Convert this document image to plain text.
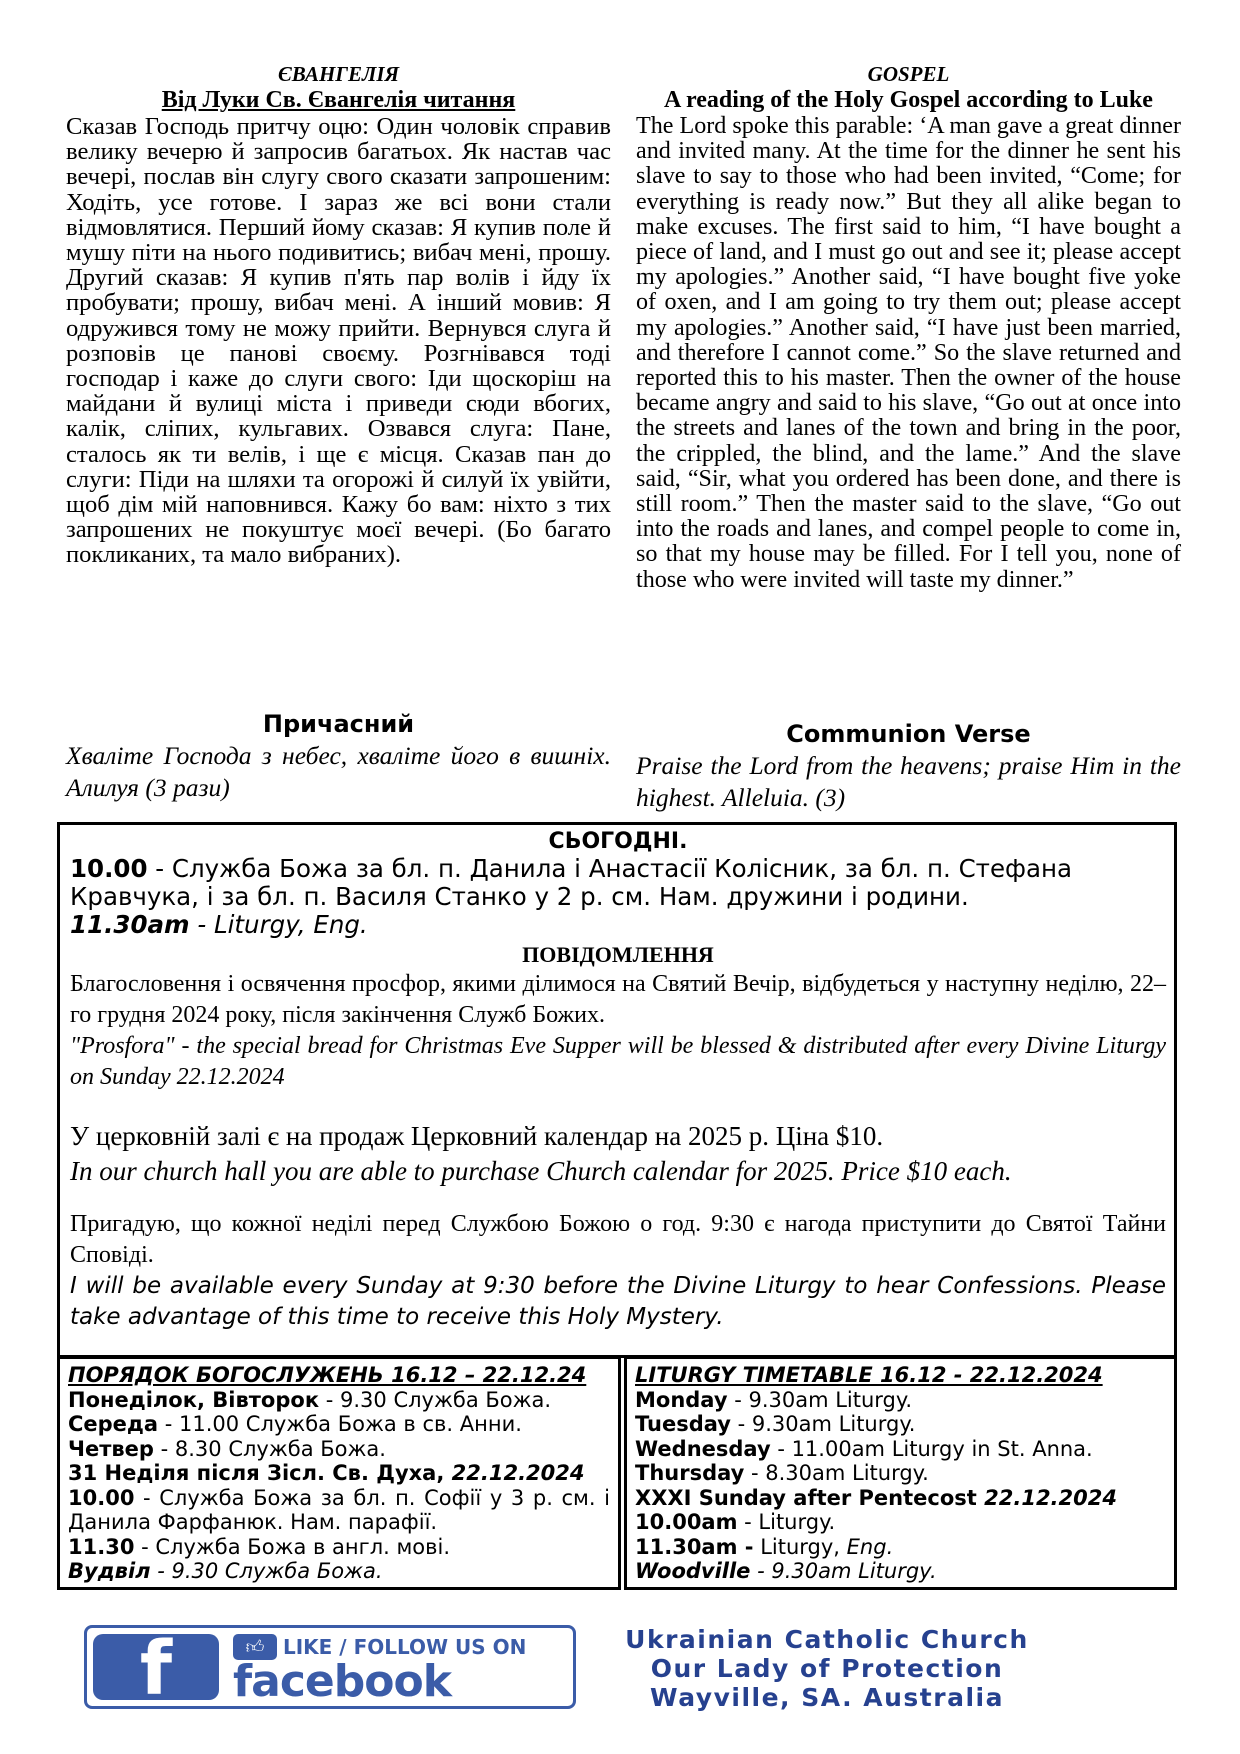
ЄВАНГЕЛІЯ
Від Луки Св. Євангелія читання
Сказав Господь притчу оцю: Один чоловік справив велику вечерю й запросив багатьох. Як настав час вечері, послав він слугу свого сказати запрошеним: Ходіть, усе готове. І зараз же всі вони стали відмовлятися. Перший йому сказав: Я купив поле й мушу піти на нього подивитись; вибач мені, прошу. Другий сказав: Я купив п'ять пар волів і йду їх пробувати; прошу, вибач мені. А інший мовив: Я одружився тому не можу прийти. Вернувся слуга й розповів це панові своєму. Розгнівався тоді господар і каже до слуги свого: Іди щоскоріш на майдани й вулиці міста і приведи сюди вбогих, калік, сліпих, кульгавих. Озвався слуга: Пане, сталось як ти велів, і ще є місця. Сказав пан до слуги: Піди на шляхи та огорожі й силуй їх увійти, щоб дім мій наповнився. Кажу бо вам: ніхто з тих запрошених не покуштує моєї вечері. (Бо багато покликаних, та мало вибраних).
GOSPEL
A reading of the Holy Gospel according to Luke
The Lord spoke this parable: ‘A man gave a great dinner and invited many. At the time for the dinner he sent his slave to say to those who had been invited, “Come; for everything is ready now.” But they all alike began to make excuses. The first said to him, “I have bought a piece of land, and I must go out and see it; please accept my apologies.” Another said, “I have bought five yoke of oxen, and I am going to try them out; please accept my apologies.” Another said, “I have just been married, and therefore I cannot come.” So the slave returned and reported this to his master. Then the owner of the house became angry and said to his slave, “Go out at once into the streets and lanes of the town and bring in the poor, the crippled, the blind, and the lame.” And the slave said, “Sir, what you ordered has been done, and there is still room.” Then the master said to the slave, “Go out into the roads and lanes, and compel people to come in, so that my house may be filled. For I tell you, none of those who were invited will taste my dinner.”
Причасний
Хваліте Господа з небес, хваліте його в вишніх. Алилуя (3 рази)
Communion Verse
Praise the Lord from the heavens; praise Him in the highest. Alleluia. (3)
СЬОГОДНІ.
10.00 - Служба Божа за бл. п. Данила і Анастасії Колісник, за бл. п. Стефана Кравчука, і за бл. п. Василя Станко у 2 р. см. Нам. дружини і родини.
11.30am - Liturgy, Eng.
ПОВІДОМЛЕННЯ
Благословення і освячення просфор, якими ділимося на Святий Вечір, відбудеться у наступну неділю, 22–го грудня 2024 року, після закінчення Служб Божих.
"Prosfora" - the special bread for Christmas Eve Supper will be blessed & distributed after every Divine Liturgy on Sunday 22.12.2024
У церковній залі є на продаж Церковний календар на 2025 р. Ціна $10.
In our church hall you are able to purchase Church calendar for 2025. Price $10 each.
Пригадую, що кожної неділі перед Службою Божою о год. 9:30 є нагода приступити до Святої Тайни Сповіді.
I will be available every Sunday at 9:30 before the Divine Liturgy to hear Confessions. Please take advantage of this time to receive this Holy Mystery.
ПОРЯДОК БОГОСЛУЖЕНЬ 16.12 – 22.12.24
Понеділок, Вівторок - 9.30 Служба Божа.
Середа - 11.00 Служба Божа в св. Анни.
Четвер - 8.30 Служба Божа.
31 Неділя після Зісл. Св. Духа, 22.12.2024
10.00 - Служба Божа за бл. п. Софії у 3 р. см. і Данила Фарфанюк. Нам. парафії.
11.30 - Служба Божа в англ. мові.
Вудвіл - 9.30 Служба Божа.
LITURGY TIMETABLE 16.12 - 22.12.2024
Monday - 9.30am Liturgy.
Tuesday - 9.30am Liturgy.
Wednesday - 11.00am Liturgy in St. Anna.
Thursday - 8.30am Liturgy.
XXXI Sunday after Pentecost 22.12.2024
10.00am - Liturgy.
11.30am - Liturgy, Eng.
Woodville - 9.30am Liturgy.
f	👍︎ LIKE / FOLLOW US ON
facebook
Ukrainian Catholic Church
Our Lady of Protection
Wayville, SA. Australia
